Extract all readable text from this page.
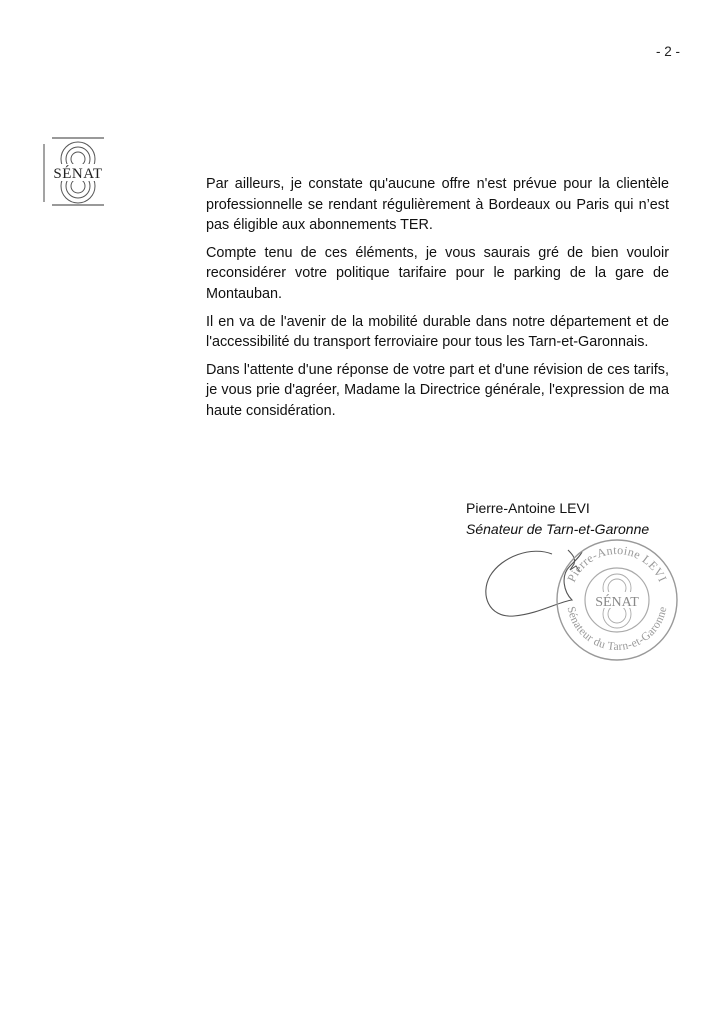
- 2 -
SÉNAT

Par ailleurs, je constate qu'aucune offre n'est prévue pour la clientèle professionnelle se rendant régulièrement à Bordeaux ou Paris qui n’est pas éligible aux abonnements TER.

Compte tenu de ces éléments, je vous saurais gré de bien vouloir reconsidérer votre politique tarifaire pour le parking de la gare de Montauban.

Il en va de l'avenir de la mobilité durable dans notre département et de l'accessibilité du transport ferroviaire pour tous les Tarn-et-Garonnais.

Dans l'attente d'une réponse de votre part et d'une révision de ces tarifs, je vous prie d'agréer, Madame la Directrice générale, l'expression de ma haute considération.

Pierre-Antoine LEVI
Sénateur de Tarn-et-Garonne
SÉNAT
Pierre-Antoine LEVI
Sénateur du Tarn-et-Garonne
